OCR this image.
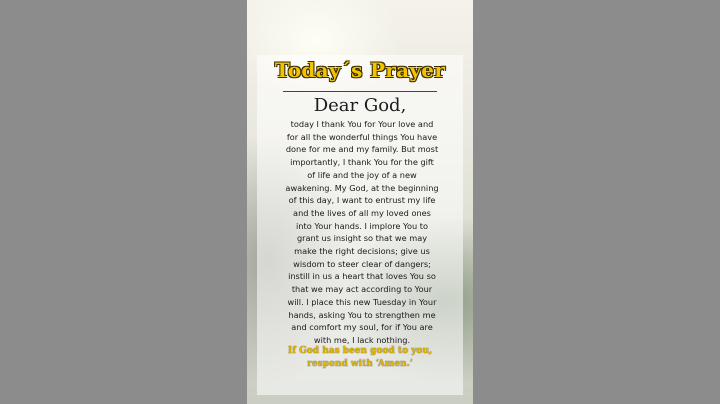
Today´s Prayer
Dear God,
today I thank You for Your love and for all the wonderful things You have done for me and my family. But most importantly, I thank You for the gift of life and the joy of a new awakening. My God, at the beginning of this day, I want to entrust my life and the lives of all my loved ones into Your hands. I implore You to grant us insight so that we may make the right decisions; give us wisdom to steer clear of dangers; instill in us a heart that loves You so that we may act according to Your will. I place this new Tuesday in Your hands, asking You to strengthen me and comfort my soul, for if You are with me, I lack nothing.
If God has been good to you,
respond with ‘Amen.’
